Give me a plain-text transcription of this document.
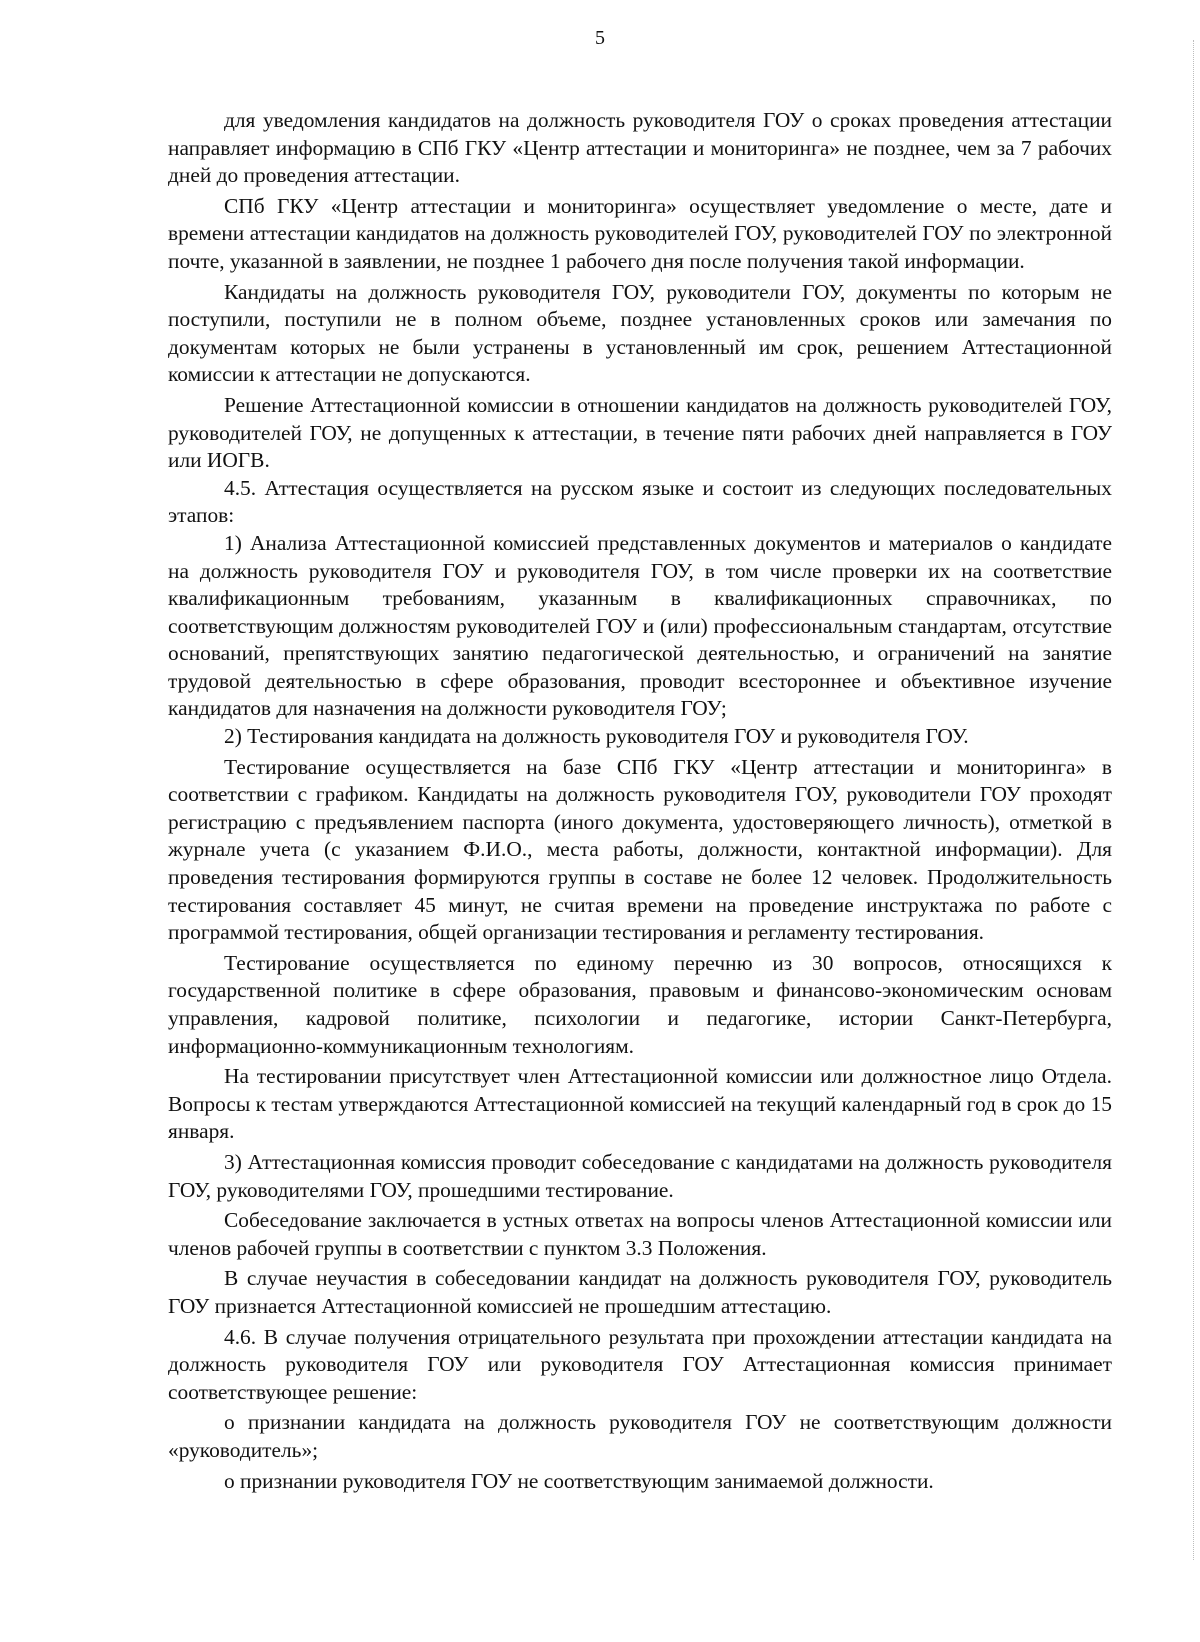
5

для уведомления кандидатов на должность руководителя ГОУ о сроках проведения аттестации направляет информацию в СПб ГКУ «Центр аттестации и мониторинга» не позднее, чем за 7 рабочих дней до проведения аттестации.

СПб ГКУ «Центр аттестации и мониторинга» осуществляет уведомление о месте, дате и времени аттестации кандидатов на должность руководителей ГОУ, руководителей ГОУ по электронной почте, указанной в заявлении, не позднее 1 рабочего дня после получения такой информации.

Кандидаты на должность руководителя ГОУ, руководители ГОУ, документы по которым не поступили, поступили не в полном объеме, позднее установленных сроков или замечания по документам которых не были устранены в установленный им срок, решением Аттестационной комиссии к аттестации не допускаются.

Решение Аттестационной комиссии в отношении кандидатов на должность руководителей ГОУ, руководителей ГОУ, не допущенных к аттестации, в течение пяти рабочих дней направляется в ГОУ или ИОГВ.

4.5. Аттестация осуществляется на русском языке и состоит из следующих последовательных этапов:

1) Анализа Аттестационной комиссией представленных документов и материалов о кандидате на должность руководителя ГОУ и руководителя ГОУ, в том числе проверки их на соответствие квалификационным требованиям, указанным в квалификационных справочниках, по соответствующим должностям руководителей ГОУ и (или) профессиональным стандартам, отсутствие оснований, препятствующих занятию педагогической деятельностью, и ограничений на занятие трудовой деятельностью в сфере образования, проводит всестороннее и объективное изучение кандидатов для назначения на должности руководителя ГОУ;

2) Тестирования кандидата на должность руководителя ГОУ и руководителя ГОУ.

Тестирование осуществляется на базе СПб ГКУ «Центр аттестации и мониторинга» в соответствии с графиком. Кандидаты на должность руководителя ГОУ, руководители ГОУ проходят регистрацию с предъявлением паспорта (иного документа, удостоверяющего личность), отметкой в журнале учета (с указанием Ф.И.О., места работы, должности, контактной информации). Для проведения тестирования формируются группы в составе не более 12 человек. Продолжительность тестирования составляет 45 минут, не считая времени на проведение инструктажа по работе с программой тестирования, общей организации тестирования и регламенту тестирования.

Тестирование осуществляется по единому перечню из 30 вопросов, относящихся к государственной политике в сфере образования, правовым и финансово-экономическим основам управления, кадровой политике, психологии и педагогике, истории Санкт-Петербурга, информационно-коммуникационным технологиям.

На тестировании присутствует член Аттестационной комиссии или должностное лицо Отдела. Вопросы к тестам утверждаются Аттестационной комиссией на текущий календарный год в срок до 15 января.

3) Аттестационная комиссия проводит собеседование с кандидатами на должность руководителя ГОУ, руководителями ГОУ, прошедшими тестирование.

Собеседование заключается в устных ответах на вопросы членов Аттестационной комиссии или членов рабочей группы в соответствии с пунктом 3.3 Положения.

В случае неучастия в собеседовании кандидат на должность руководителя ГОУ, руководитель ГОУ признается Аттестационной комиссией не прошедшим аттестацию.

4.6. В случае получения отрицательного результата при прохождении аттестации кандидата на должность руководителя ГОУ или руководителя ГОУ Аттестационная комиссия принимает соответствующее решение:

о признании кандидата на должность руководителя ГОУ не соответствующим должности «руководитель»;

о признании руководителя ГОУ не соответствующим занимаемой должности.
